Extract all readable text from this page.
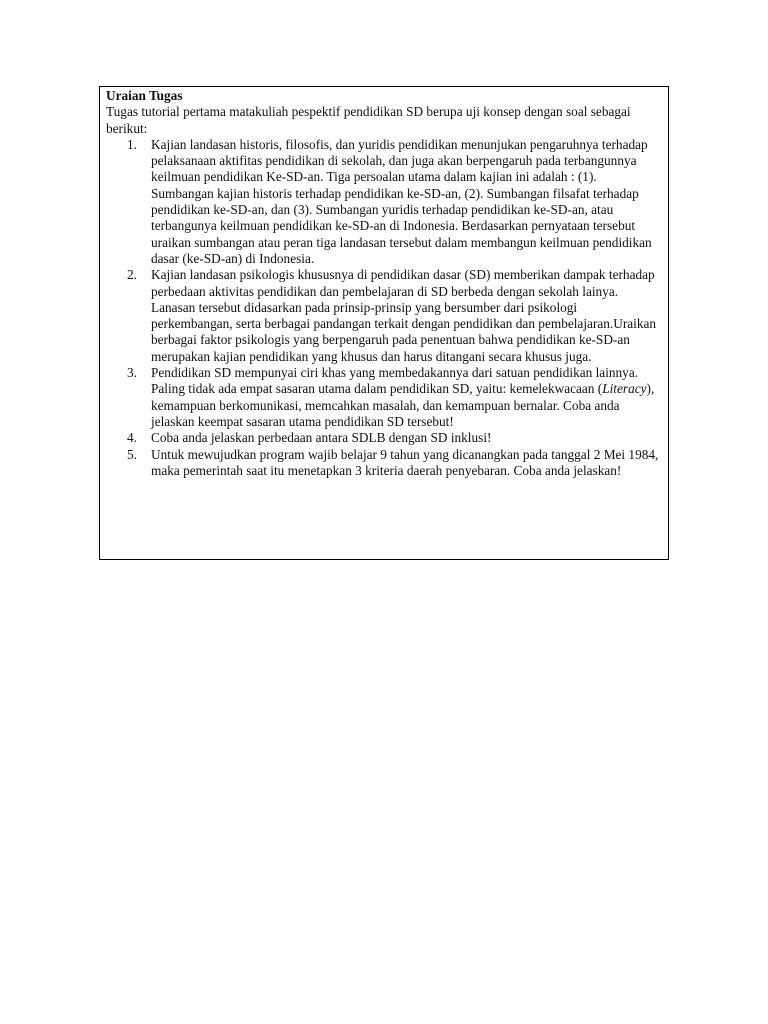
Uraian Tugas

Tugas tutorial pertama matakuliah pespektif pendidikan SD berupa uji konsep dengan soal sebagai berikut:

1. Kajian landasan historis, filosofis, dan yuridis pendidikan menunjukan pengaruhnya terhadap pelaksanaan aktifitas pendidikan di sekolah, dan juga akan berpengaruh pada terbangunnya keilmuan pendidikan Ke-SD-an. Tiga persoalan utama dalam kajian ini adalah : (1). Sumbangan kajian historis terhadap pendidikan ke-SD-an, (2). Sumbangan filsafat terhadap pendidikan ke-SD-an, dan (3). Sumbangan yuridis terhadap pendidikan ke-SD-an, atau terbangunya keilmuan pendidikan ke-SD-an di Indonesia. Berdasarkan pernyataan tersebut uraikan sumbangan atau peran tiga landasan tersebut dalam membangun keilmuan pendidikan dasar (ke-SD-an) di Indonesia.
2. Kajian landasan psikologis khususnya di pendidikan dasar (SD) memberikan dampak terhadap perbedaan aktivitas pendidikan dan pembelajaran di SD berbeda dengan sekolah lainya. Lanasan tersebut didasarkan pada prinsip-prinsip yang bersumber dari psikologi perkembangan, serta berbagai pandangan terkait dengan pendidikan dan pembelajaran.Uraikan berbagai faktor psikologis yang berpengaruh pada penentuan bahwa pendidikan ke-SD-an merupakan kajian pendidikan yang khusus dan harus ditangani secara khusus juga.
3. Pendidikan SD mempunyai ciri khas yang membedakannya dari satuan pendidikan lainnya. Paling tidak ada empat sasaran utama dalam pendidikan SD, yaitu: kemelekwacaan (Literacy), kemampuan berkomunikasi, memcahkan masalah, dan kemampuan bernalar. Coba anda jelaskan keempat sasaran utama pendidikan SD tersebut!
4. Coba anda jelaskan perbedaan antara SDLB dengan SD inklusi!
5. Untuk mewujudkan program wajib belajar 9 tahun yang dicanangkan pada tanggal 2 Mei 1984, maka pemerintah saat itu menetapkan 3 kriteria daerah penyebaran. Coba anda jelaskan!
